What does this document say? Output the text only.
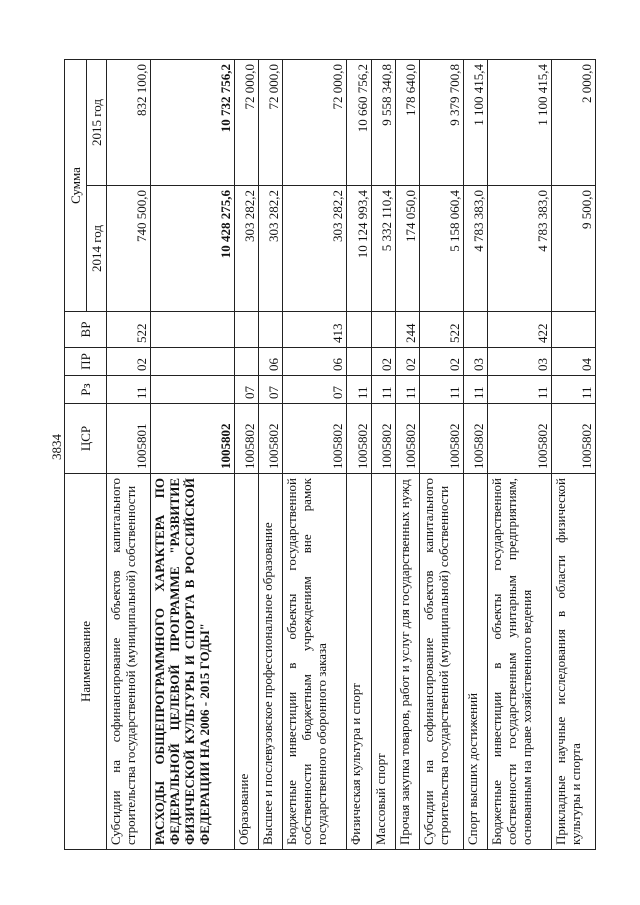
3834
Наименование	ЦСР	Рз	ПР	ВР	Сумма	
					2014 год	2015 год
Субсидии на софинансирование объектов капитального строительства государственной (муниципальной) собственности	1005801	11	02	522	740 500,0	832 100,0
РАСХОДЫ ОБЩЕПРОГРАММНОГО ХАРАКТЕРА ПО ФЕДЕРАЛЬНОЙ ЦЕЛЕВОЙ ПРОГРАММЕ "РАЗВИТИЕ ФИЗИЧЕСКОЙ КУЛЬТУРЫ И СПОРТА В РОССИЙСКОЙ ФЕДЕРАЦИИ НА 2006 - 2015 ГОДЫ"	1005802				10 428 275,6	10 732 756,2
Образование	1005802	07			303 282,2	72 000,0
Высшее и послевузовское профессиональное образование	1005802	07	06		303 282,2	72 000,0
Бюджетные инвестиции в объекты государственной собственности бюджетным учреждениям вне рамок государственного оборонного заказа	1005802	07	06	413	303 282,2	72 000,0
Физическая культура и спорт	1005802	11			10 124 993,4	10 660 756,2
Массовый спорт	1005802	11	02		5 332 110,4	9 558 340,8
Прочая закупка товаров, работ и услуг для государственных нужд	1005802	11	02	244	174 050,0	178 640,0
Субсидии на софинансирование объектов капитального строительства государственной (муниципальной) собственности	1005802	11	02	522	5 158 060,4	9 379 700,8
Спорт высших достижений	1005802	11	03		4 783 383,0	1 100 415,4
Бюджетные инвестиции в объекты государственной собственности государственным унитарным предприятиям, основанным на праве хозяйственного ведения	1005802	11	03	422	4 783 383,0	1 100 415,4
Прикладные научные исследования в области физической культуры и спорта	1005802	11	04		9 500,0	2 000,0
